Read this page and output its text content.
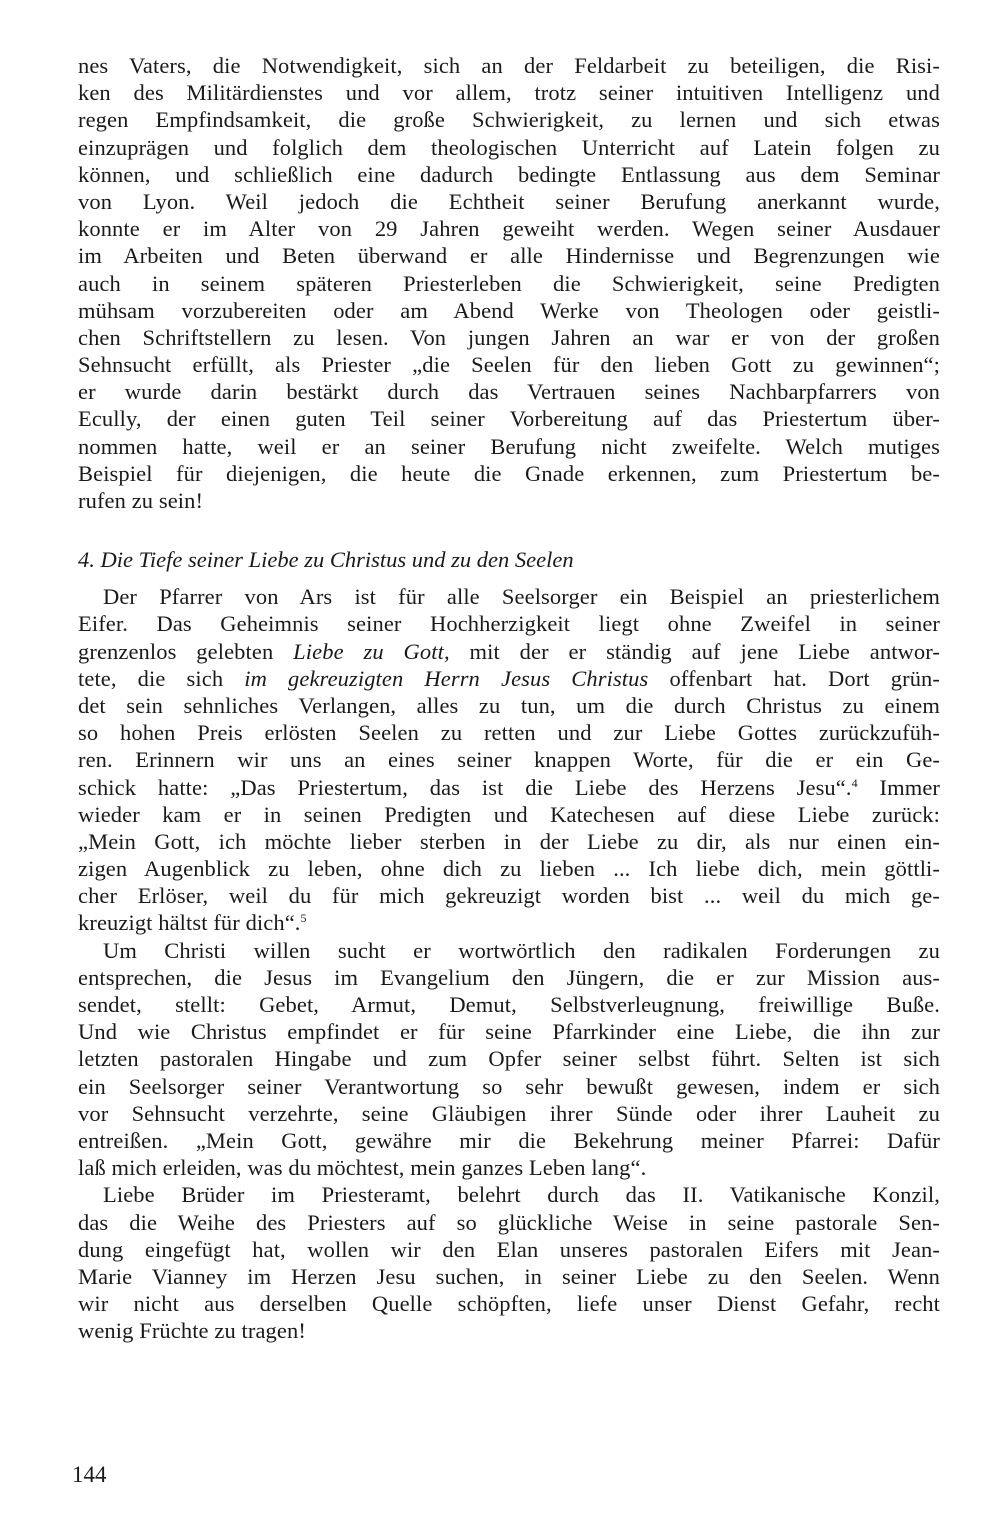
nes Vaters, die Notwendigkeit, sich an der Feldarbeit zu beteiligen, die Risi-
ken des Militärdienstes und vor allem, trotz seiner intuitiven Intelligenz und
regen Empfindsamkeit, die große Schwierigkeit, zu lernen und sich etwas
einzuprägen und folglich dem theologischen Unterricht auf Latein folgen zu
können, und schließlich eine dadurch bedingte Entlassung aus dem Seminar
von Lyon. Weil jedoch die Echtheit seiner Berufung anerkannt wurde,
konnte er im Alter von 29 Jahren geweiht werden. Wegen seiner Ausdauer
im Arbeiten und Beten überwand er alle Hindernisse und Begrenzungen wie
auch in seinem späteren Priesterleben die Schwierigkeit, seine Predigten
mühsam vorzubereiten oder am Abend Werke von Theologen oder geistli-
chen Schriftstellern zu lesen. Von jungen Jahren an war er von der großen
Sehnsucht erfüllt, als Priester „die Seelen für den lieben Gott zu gewinnen“;
er wurde darin bestärkt durch das Vertrauen seines Nachbarpfarrers von
Ecully, der einen guten Teil seiner Vorbereitung auf das Priestertum über-
nommen hatte, weil er an seiner Berufung nicht zweifelte. Welch mutiges
Beispiel für diejenigen, die heute die Gnade erkennen, zum Priestertum be-
rufen zu sein!
4. Die Tiefe seiner Liebe zu Christus und zu den Seelen
Der Pfarrer von Ars ist für alle Seelsorger ein Beispiel an priesterlichem
Eifer. Das Geheimnis seiner Hochherzigkeit liegt ohne Zweifel in seiner
grenzenlos gelebten Liebe zu Gott, mit der er ständig auf jene Liebe antwor-
tete, die sich im gekreuzigten Herrn Jesus Christus offenbart hat. Dort grün-
det sein sehnliches Verlangen, alles zu tun, um die durch Christus zu einem
so hohen Preis erlösten Seelen zu retten und zur Liebe Gottes zurückzufüh-
ren. Erinnern wir uns an eines seiner knappen Worte, für die er ein Ge-
schick hatte: „Das Priestertum, das ist die Liebe des Herzens Jesu“.$^4$ Immer
wieder kam er in seinen Predigten und Katechesen auf diese Liebe zurück:
„Mein Gott, ich möchte lieber sterben in der Liebe zu dir, als nur einen ein-
zigen Augenblick zu leben, ohne dich zu lieben ... Ich liebe dich, mein göttli-
cher Erlöser, weil du für mich gekreuzigt worden bist ... weil du mich ge-
kreuzigt hältst für dich“.$^5$
Um Christi willen sucht er wortwörtlich den radikalen Forderungen zu
entsprechen, die Jesus im Evangelium den Jüngern, die er zur Mission aus-
sendet, stellt: Gebet, Armut, Demut, Selbstverleugnung, freiwillige Buße.
Und wie Christus empfindet er für seine Pfarrkinder eine Liebe, die ihn zur
letzten pastoralen Hingabe und zum Opfer seiner selbst führt. Selten ist sich
ein Seelsorger seiner Verantwortung so sehr bewußt gewesen, indem er sich
vor Sehnsucht verzehrte, seine Gläubigen ihrer Sünde oder ihrer Lauheit zu
entreißen. „Mein Gott, gewähre mir die Bekehrung meiner Pfarrei: Dafür
laß mich erleiden, was du möchtest, mein ganzes Leben lang“.
Liebe Brüder im Priesteramt, belehrt durch das II. Vatikanische Konzil,
das die Weihe des Priesters auf so glückliche Weise in seine pastorale Sen-
dung eingefügt hat, wollen wir den Elan unseres pastoralen Eifers mit Jean-
Marie Vianney im Herzen Jesu suchen, in seiner Liebe zu den Seelen. Wenn
wir nicht aus derselben Quelle schöpften, liefe unser Dienst Gefahr, recht
wenig Früchte zu tragen!
144
